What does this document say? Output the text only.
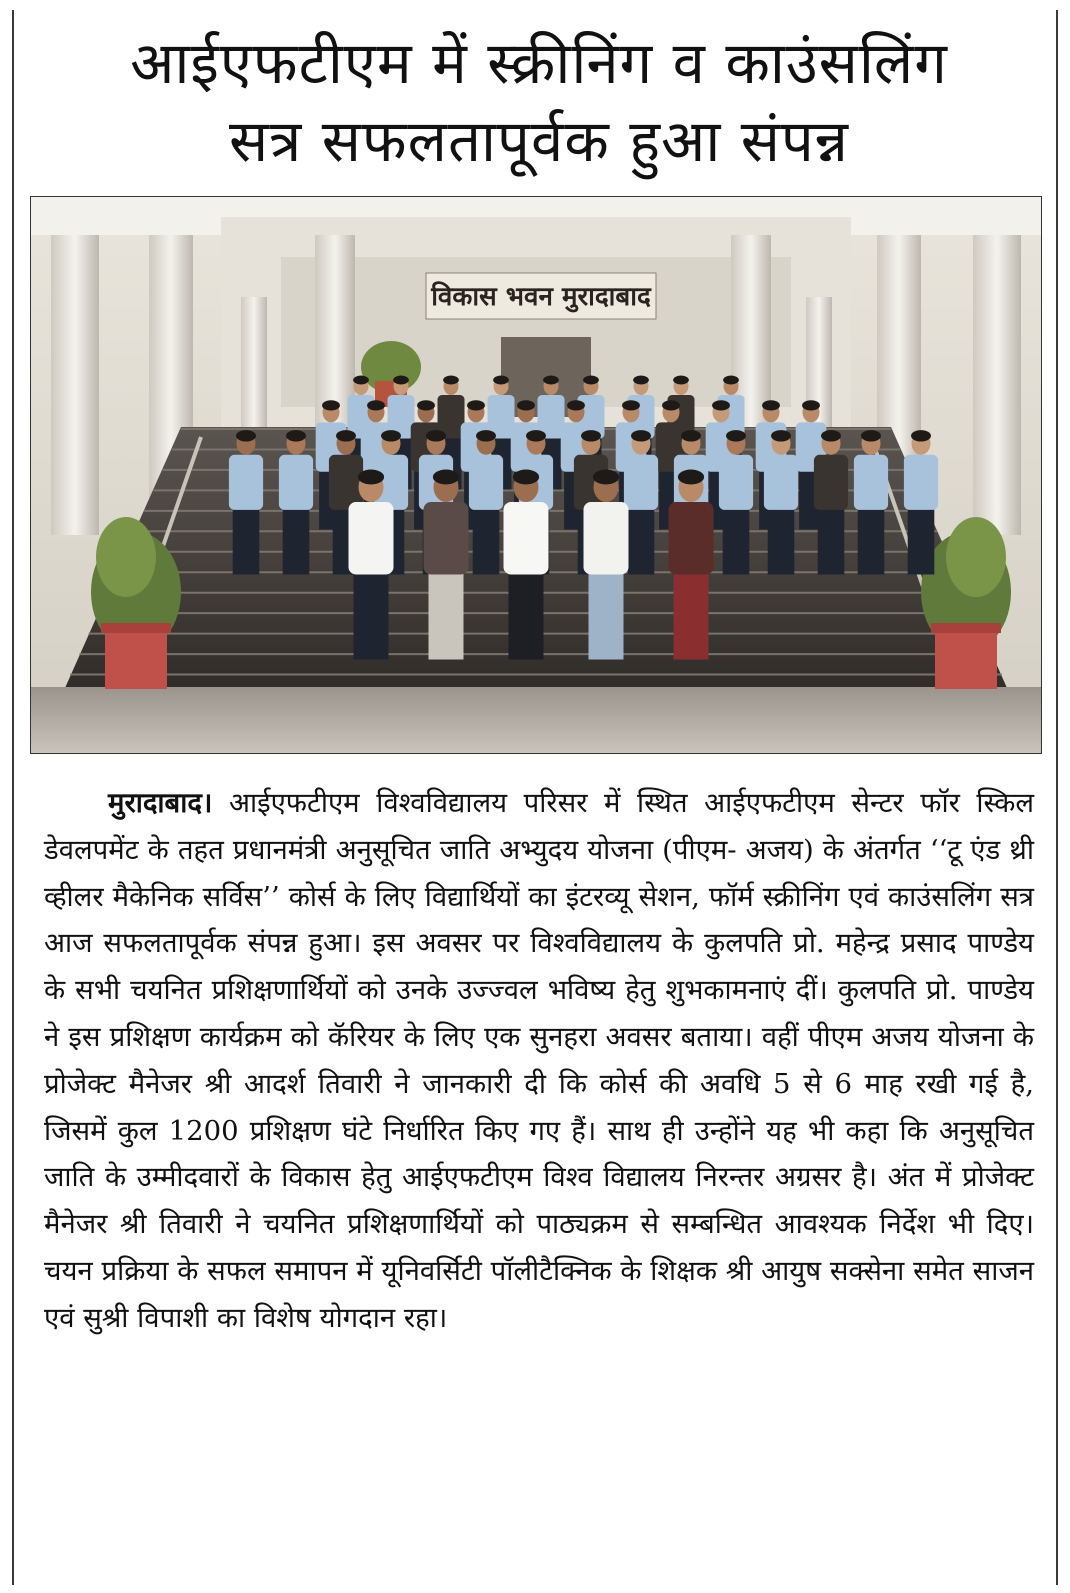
आईएफटीएम में स्क्रीनिंग व काउंसलिंग
सत्र सफलतापूर्वक हुआ संपन्न
विकास भवन मुरादाबाद

मुरादाबाद। आईएफटीएम विश्वविद्यालय परिसर में स्थित आईएफटीएम सेन्टर फॉर स्किल डेवलपमेंट के तहत प्रधानमंत्री अनुसूचित जाति अभ्युदय योजना (पीएम- अजय) के अंतर्गत ‘‘टू एंड थ्री व्हीलर मैकेनिक सर्विस’’ कोर्स के लिए विद्यार्थियों का इंटरव्यू सेशन, फॉर्म स्क्रीनिंग एवं काउंसलिंग सत्र आज सफलतापूर्वक संपन्न हुआ। इस अवसर पर विश्वविद्यालय के कुलपति प्रो. महेन्द्र प्रसाद पाण्डेय के सभी चयनित प्रशिक्षणार्थियों को उनके उज्ज्वल भविष्य हेतु शुभकामनाएं दीं। कुलपति प्रो. पाण्डेय ने इस प्रशिक्षण कार्यक्रम को कॅरियर के लिए एक सुनहरा अवसर बताया। वहीं पीएम अजय योजना के प्रोजेक्ट मैनेजर श्री आदर्श तिवारी ने जानकारी दी कि कोर्स की अवधि 5 से 6 माह रखी गई है, जिसमें कुल 1200 प्रशिक्षण घंटे निर्धारित किए गए हैं। साथ ही उन्होंने यह भी कहा कि अनुसूचित जाति के उम्मीदवारों के विकास हेतु आईएफटीएम विश्व विद्यालय निरन्तर अग्रसर है। अंत में प्रोजेक्ट मैनेजर श्री तिवारी ने चयनित प्रशिक्षणार्थियों को पाठ्यक्रम से सम्बन्धित आवश्यक निर्देश भी दिए। चयन प्रक्रिया के सफल समापन में यूनिवर्सिटी पॉलीटैक्निक के शिक्षक श्री आयुष सक्सेना समेत साजन एवं सुश्री विपाशी का विशेष योगदान रहा।
